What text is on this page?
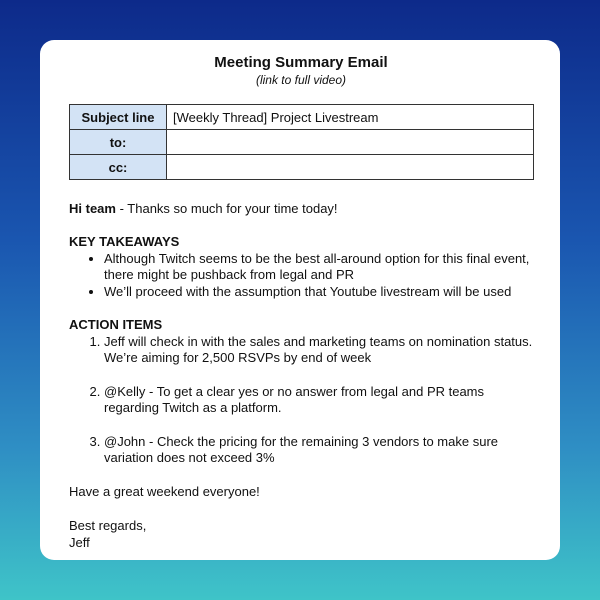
Meeting Summary Email

(link to full video)

Subject line	[Weekly Thread] Project Livestream
to:	
cc:	
Hi team - Thanks so much for your time today!
KEY TAKEAWAYS
• Although Twitch seems to be the best all-around option for this final event, there might be pushback from legal and PR
• We’ll proceed with the assumption that Youtube livestream will be used
ACTION ITEMS
1. Jeff will check in with the sales and marketing teams on nomination status. We’re aiming for 2,500 RSVPs by end of week
2. @Kelly - To get a clear yes or no answer from legal and PR teams regarding Twitch as a platform.
3. @John - Check the pricing for the remaining 3 vendors to make sure variation does not exceed 3%
Have a great weekend everyone!
Best regards,
Jeff
